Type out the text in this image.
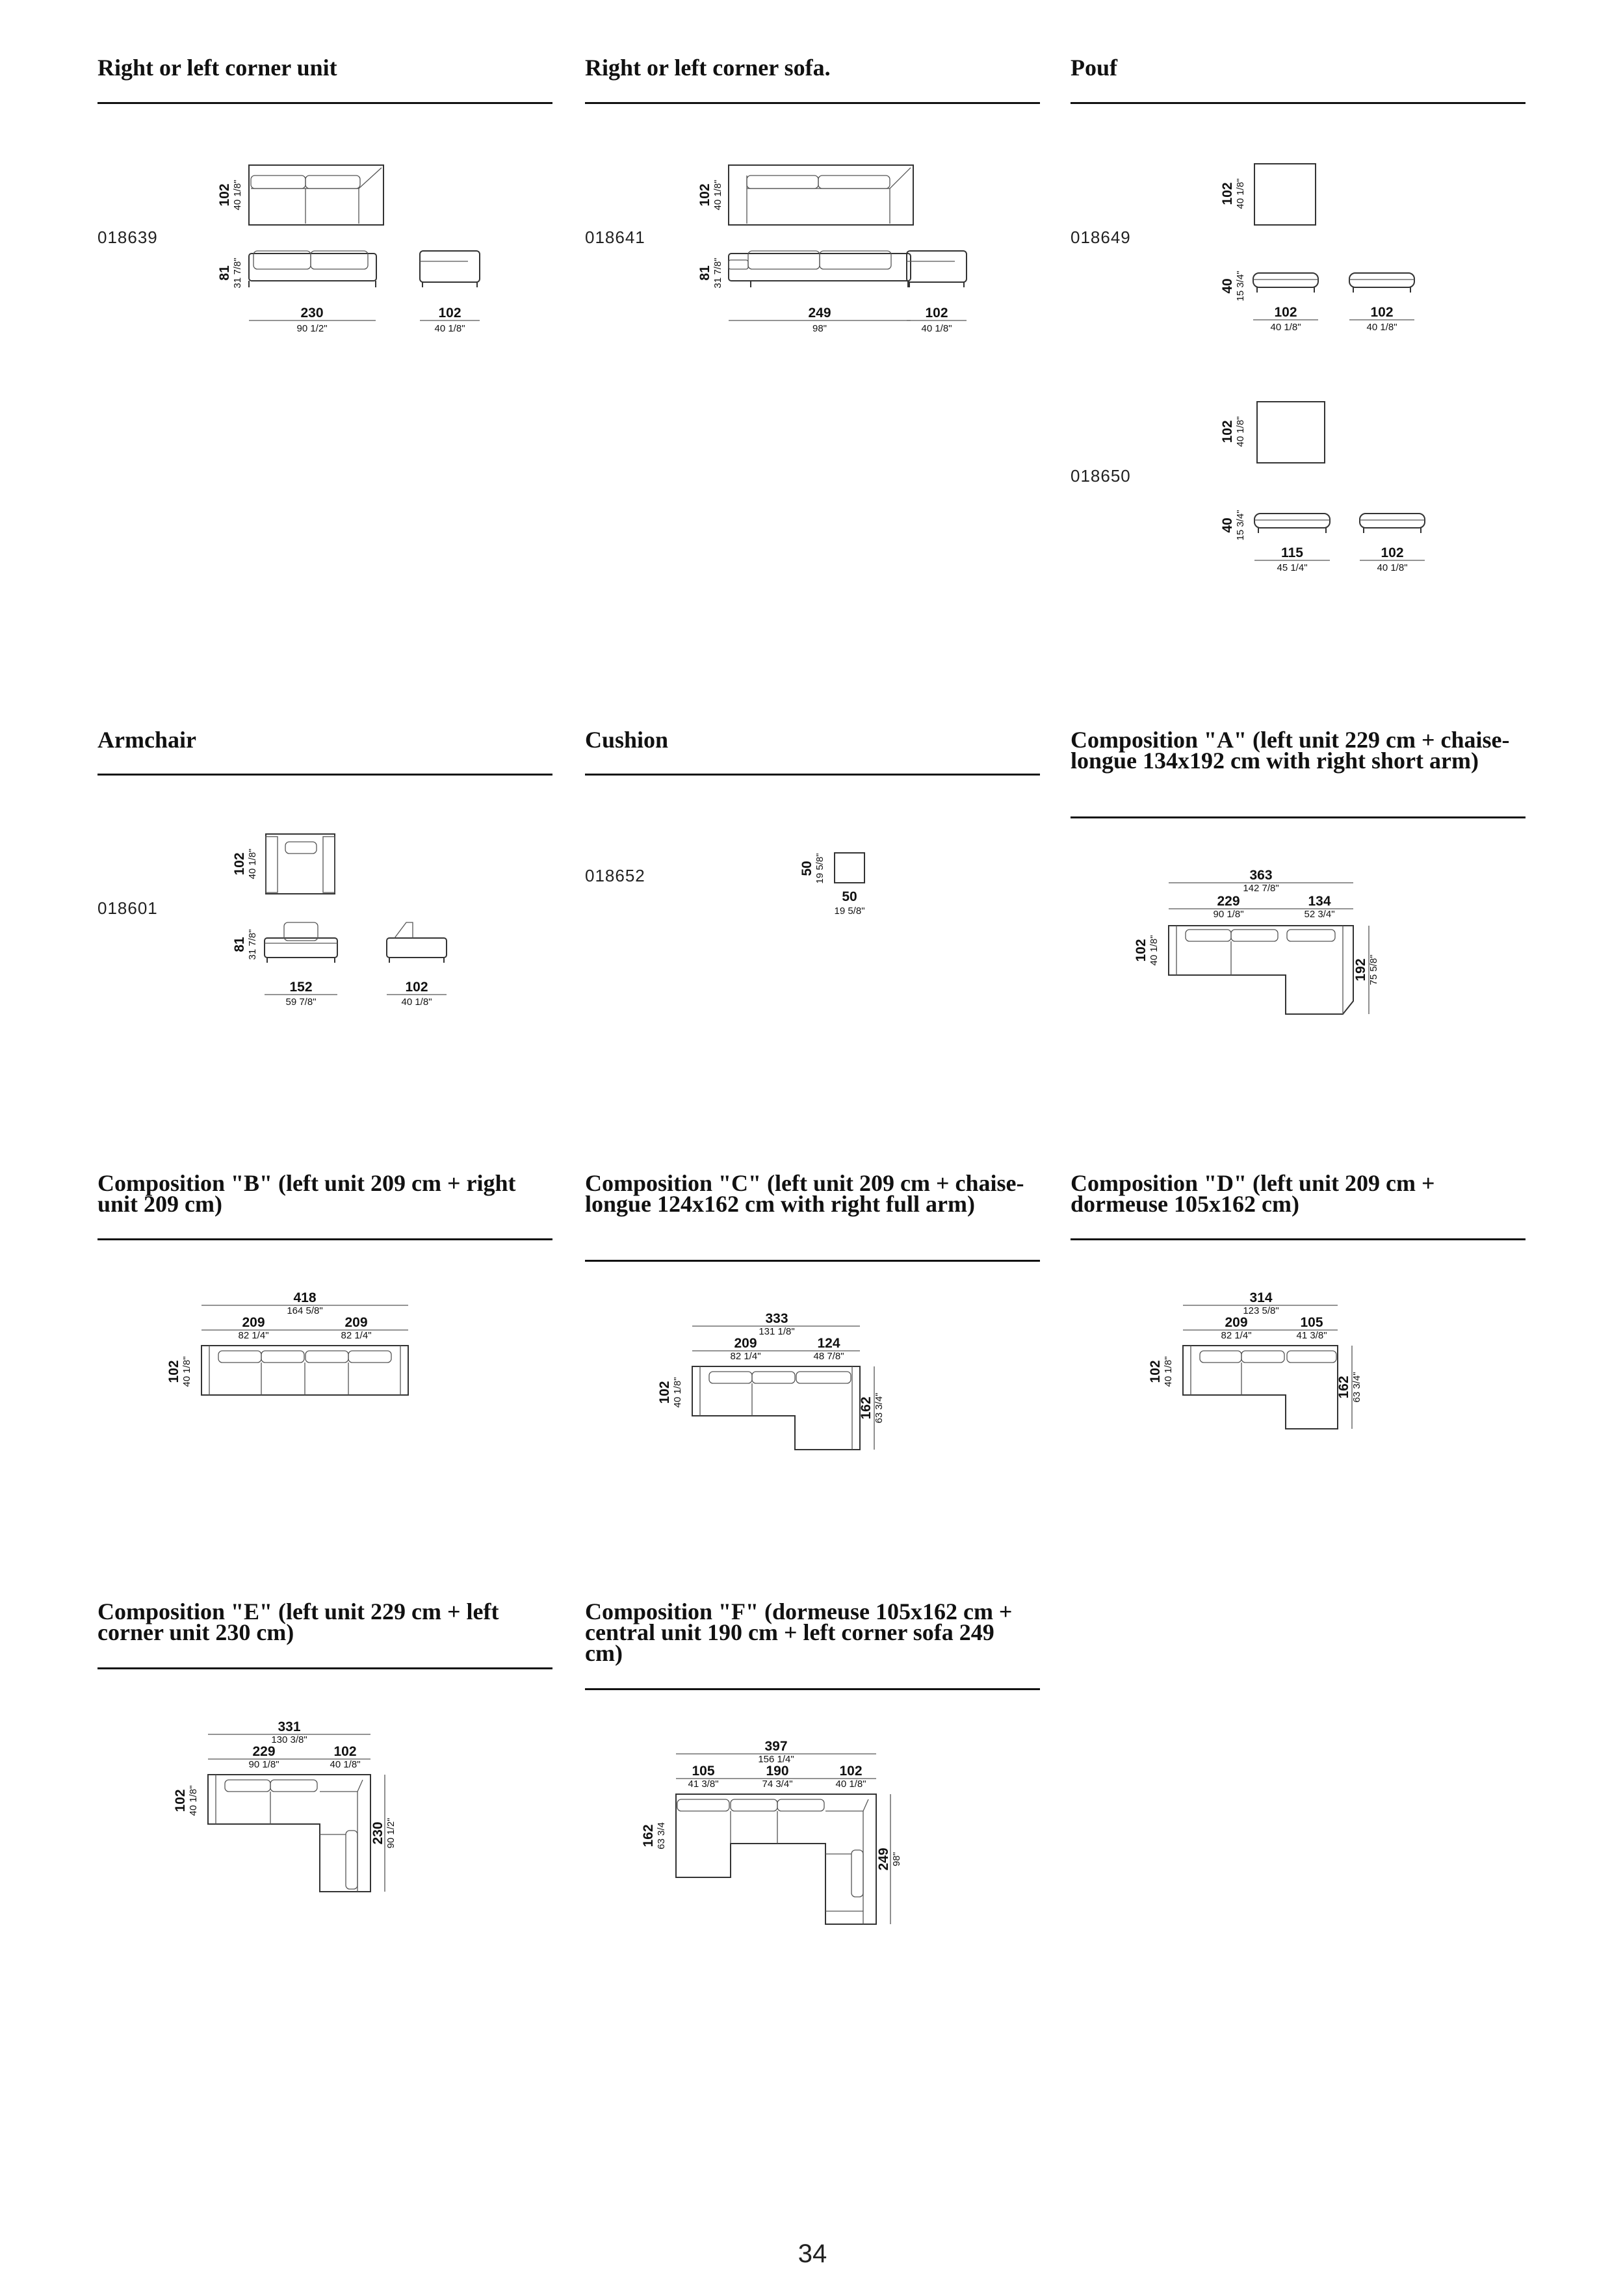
Right or left corner unit
018639
102 40 1/8"
81 31 7/8"
230
90 1/2"
102
40 1/8"
Right or left corner sofa.
018641
102 40 1/8"
81 31 7/8"
249
98"
102
40 1/8"
Pouf
018649
102 40 1/8"
40 15 3/4"
102
40 1/8"
102
40 1/8"
018650
102 40 1/8"
40 15 3/4"
115
45 1/4"
102
40 1/8"
Armchair
018601
102 40 1/8"
81 31 7/8"
152
59 7/8"
102
40 1/8"
Cushion
018652	50 19 5/8"
50
19 5/8"
Composition "A" (left unit 229 cm + chaise-longue 134x192 cm with right short arm)
363
142 7/8"
229
90 1/8"
134
52 3/4"
102 40 1/8"
192 75 5/8"
Composition "B" (left unit 209 cm + right unit 209 cm)
418
164 5/8"
209
82 1/4"
209
82 1/4"
102 40 1/8"
Composition "C" (left unit 209 cm + chaise-longue 124x162 cm with right full arm)
333
131 1/8"
209
82 1/4"
124
48 7/8"
102 40 1/8"
162 63 3/4"
Composition "D" (left unit 209 cm + dormeuse 105x162 cm)
314
123 5/8"
209
82 1/4"
105
41 3/8"
102 40 1/8"
162 63 3/4"
Composition "E" (left unit 229 cm + left corner unit 230 cm)
331
130 3/8"
229
90 1/8"
102
40 1/8"
102 40 1/8"
230 90 1/2"
Composition "F" (dormeuse 105x162 cm + central unit 190 cm + left corner sofa 249 cm)
397
156 1/4"
105
41 3/8"
190
74 3/4"
102
40 1/8"
162 63 3/4
249 98"
34
